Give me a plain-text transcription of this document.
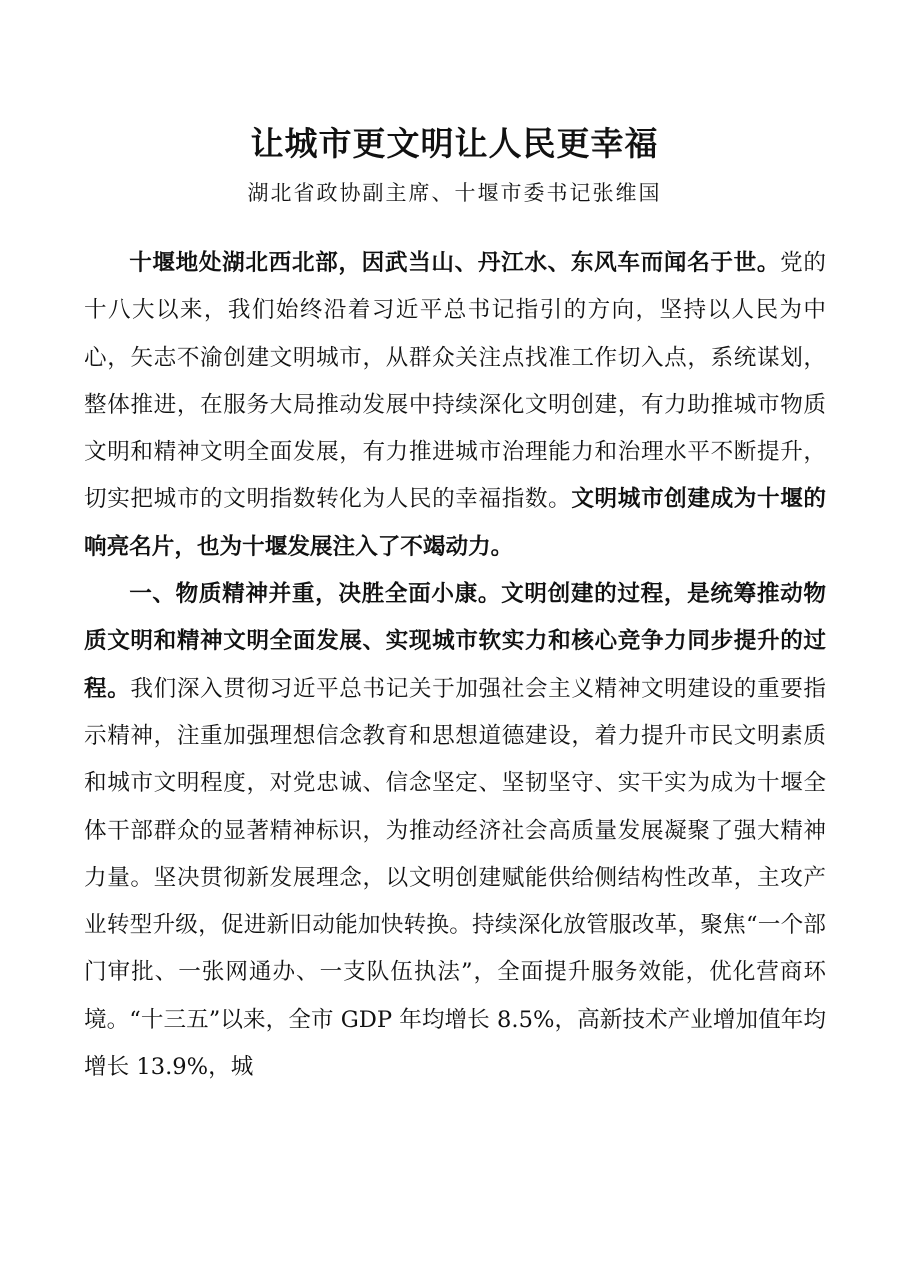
让城市更文明让人民更幸福

湖北省政协副主席、十堰市委书记张维国

十堰地处湖北西北部，因武当山、丹江水、东风车而闻名于世。党的十八大以来，我们始终沿着习近平总书记指引的方向，坚持以人民为中心，矢志不渝创建文明城市，从群众关注点找准工作切入点，系统谋划，整体推进，在服务大局推动发展中持续深化文明创建，有力助推城市物质文明和精神文明全面发展，有力推进城市治理能力和治理水平不断提升，切实把城市的文明指数转化为人民的幸福指数。文明城市创建成为十堰的响亮名片，也为十堰发展注入了不竭动力。

一、物质精神并重，决胜全面小康。文明创建的过程，是统筹推动物质文明和精神文明全面发展、实现城市软实力和核心竞争力同步提升的过程。我们深入贯彻习近平总书记关于加强社会主义精神文明建设的重要指示精神，注重加强理想信念教育和思想道德建设，着力提升市民文明素质和城市文明程度，对党忠诚、信念坚定、坚韧坚守、实干实为成为十堰全体干部群众的显著精神标识，为推动经济社会高质量发展凝聚了强大精神力量。坚决贯彻新发展理念，以文明创建赋能供给侧结构性改革，主攻产业转型升级，促进新旧动能加快转换。持续深化放管服改革，聚焦“一个部门审批、一张网通办、一支队伍执法”，全面提升服务效能，优化营商环境。“十三五”以来，全市 GDP 年均增长 8.5%，高新技术产业增加值年均增长 13.9%，城
